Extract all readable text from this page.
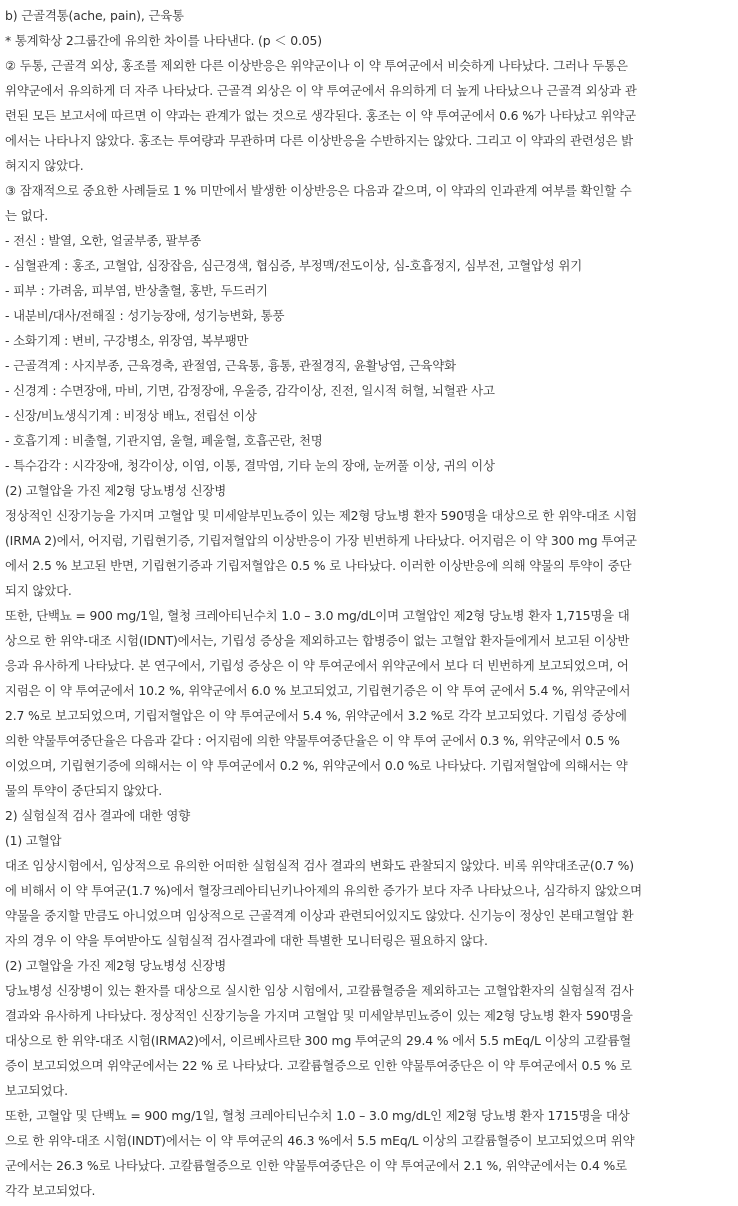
b) 근골격통(ache, pain), 근육통
* 통계학상 2그룹간에 유의한 차이를 나타낸다. (p ＜ 0.05)
② 두통, 근골격 외상, 홍조를 제외한 다른 이상반응은 위약군이나 이 약 투여군에서 비슷하게 나타났다. 그러나 두통은
위약군에서 유의하게 더 자주 나타났다. 근골격 외상은 이 약 투여군에서 유의하게 더 높게 나타났으나 근골격 외상과 관
련된 모든 보고서에 따르면 이 약과는 관계가 없는 것으로 생각된다. 홍조는 이 약 투여군에서 0.6 %가 나타났고 위약군
에서는 나타나지 않았다. 홍조는 투여량과 무관하며 다른 이상반응을 수반하지는 않았다. 그리고 이 약과의 관련성은 밝
혀지지 않았다.
③ 잠재적으로 중요한 사례들로 1 % 미만에서 발생한 이상반응은 다음과 같으며, 이 약과의 인과관계 여부를 확인할 수
는 없다.
- 전신 : 발열, 오한, 얼굴부종, 팔부종
- 심혈관계 : 홍조, 고혈압, 심장잡음, 심근경색, 협심증, 부정맥/전도이상, 심-호흡정지, 심부전, 고혈압성 위기
- 피부 : 가려움, 피부염, 반상출혈, 홍반, 두드러기
- 내분비/대사/전해질 : 성기능장애, 성기능변화, 통풍
- 소화기계 : 변비, 구강병소, 위장염, 복부팽만
- 근골격계 : 사지부종, 근육경축, 관절염, 근육통, 흉통, 관절경직, 윤활낭염, 근육약화
- 신경계 : 수면장애, 마비, 기면, 감정장애, 우울증, 감각이상, 진전, 일시적 허혈, 뇌혈관 사고
- 신장/비뇨생식기계 : 비정상 배뇨, 전립선 이상
- 호흡기계 : 비출혈, 기관지염, 울혈, 폐울혈, 호흡곤란, 천명
- 특수감각 : 시각장애, 청각이상, 이염, 이통, 결막염, 기타 눈의 장애, 눈꺼풀 이상, 귀의 이상
(2) 고혈압을 가진 제2형 당뇨병성 신장병
정상적인 신장기능을 가지며 고혈압 및 미세알부민뇨증이 있는 제2형 당뇨병 환자 590명을 대상으로 한 위약-대조 시험
(IRMA 2)에서, 어지럼, 기립현기증, 기립저혈압의 이상반응이 가장 빈번하게 나타났다. 어지럼은 이 약 300 mg 투여군
에서 2.5 % 보고된 반면, 기립현기증과 기립저혈압은 0.5 % 로 나타났다. 이러한 이상반응에 의해 약물의 투약이 중단
되지 않았다.
또한, 단백뇨 = 900 mg/1일, 혈청 크레아티닌수치 1.0 – 3.0 mg/dL이며 고혈압인 제2형 당뇨병 환자 1,715명을 대
상으로 한 위약-대조 시험(IDNT)에서는, 기립성 증상을 제외하고는 합병증이 없는 고혈압 환자들에게서 보고된 이상반
응과 유사하게 나타났다. 본 연구에서, 기립성 증상은 이 약 투여군에서 위약군에서 보다 더 빈번하게 보고되었으며, 어
지럼은 이 약 투여군에서 10.2 %, 위약군에서 6.0 % 보고되었고, 기립현기증은 이 약 투여 군에서 5.4 %, 위약군에서
2.7 %로 보고되었으며, 기립저혈압은 이 약 투여군에서 5.4 %, 위약군에서 3.2 %로 각각 보고되었다. 기립성 증상에
의한 약물투여중단율은 다음과 같다 : 어지럼에 의한 약물투여중단율은 이 약 투여 군에서 0.3 %, 위약군에서 0.5 %
이었으며, 기립현기증에 의해서는 이 약 투여군에서 0.2 %, 위약군에서 0.0 %로 나타났다. 기립저혈압에 의해서는 약
물의 투약이 중단되지 않았다.
2) 실험실적 검사 결과에 대한 영향
(1) 고혈압
대조 임상시험에서, 임상적으로 유의한 어떠한 실험실적 검사 결과의 변화도 관찰되지 않았다. 비록 위약대조군(0.7 %)
에 비해서 이 약 투여군(1.7 %)에서 혈장크레아티닌키나아제의 유의한 증가가 보다 자주 나타났으나, 심각하지 않았으며
약물을 중지할 만큼도 아니었으며 임상적으로 근골격계 이상과 관련되어있지도 않았다. 신기능이 정상인 본태고혈압 환
자의 경우 이 약을 투여받아도 실험실적 검사결과에 대한 특별한 모니터링은 필요하지 않다.
(2) 고혈압을 가진 제2형 당뇨병성 신장병
당뇨병성 신장병이 있는 환자를 대상으로 실시한 임상 시험에서, 고칼륨혈증을 제외하고는 고혈압환자의 실험실적 검사
결과와 유사하게 나타났다. 정상적인 신장기능을 가지며 고혈압 및 미세알부민뇨증이 있는 제2형 당뇨병 환자 590명을
대상으로 한 위약-대조 시험(IRMA2)에서, 이르베사르탄 300 mg 투여군의 29.4 % 에서 5.5 mEq/L 이상의 고칼륨혈
증이 보고되었으며 위약군에서는 22 % 로 나타났다. 고칼륨혈증으로 인한 약물투여중단은 이 약 투여군에서 0.5 % 로
보고되었다.
또한, 고혈압 및 단백뇨 = 900 mg/1일, 혈청 크레아티닌수치 1.0 – 3.0 mg/dL인 제2형 당뇨병 환자 1715명을 대상
으로 한 위약-대조 시험(INDT)에서는 이 약 투여군의 46.3 %에서 5.5 mEq/L 이상의 고칼륨혈증이 보고되었으며 위약
군에서는 26.3 %로 나타났다. 고칼륨혈증으로 인한 약물투여중단은 이 약 투여군에서 2.1 %, 위약군에서는 0.4 %로
각각 보고되었다.
